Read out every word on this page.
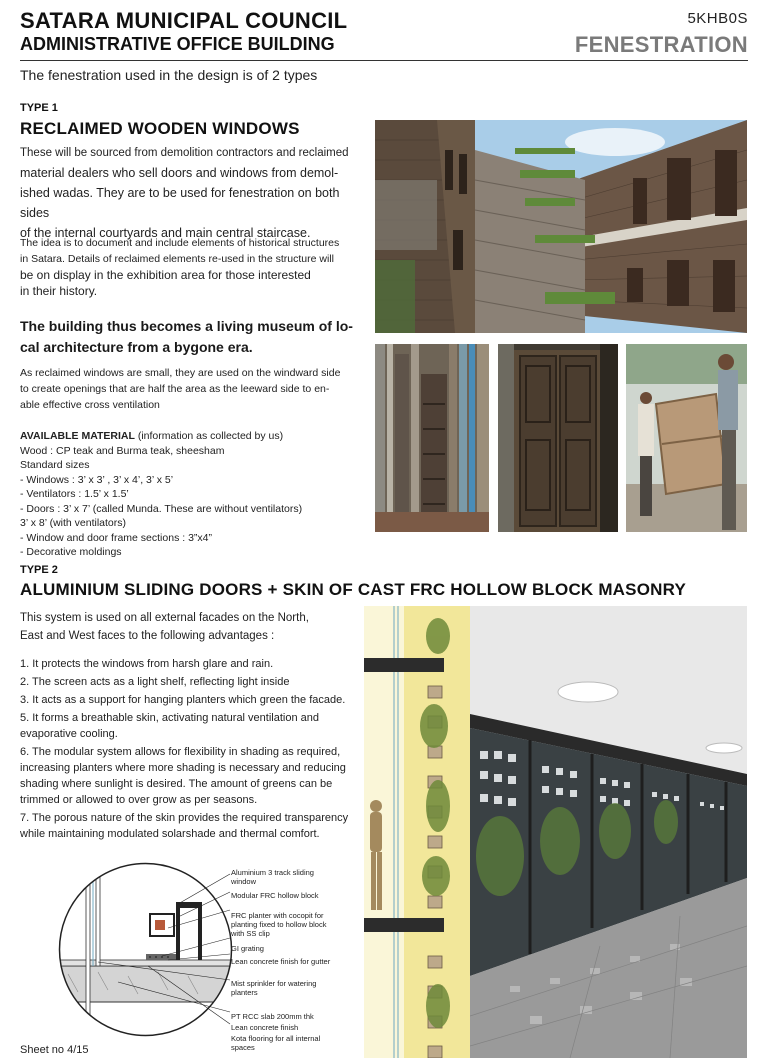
SATARA MUNICIPAL COUNCIL
ADMINISTRATIVE OFFICE BUILDING
5KHB0S
FENESTRATION
The fenestration used in the design is of 2 types
TYPE 1
RECLAIMED WOODEN WINDOWS
These will be sourced from demolition contractors and reclaimed
material dealers who sell doors and windows from demol-
ished wadas. They are to be used for fenestration on both sides
of the internal courtyards and main central staircase.
The idea is to document and include elements of historical structures
in Satara. Details of reclaimed elements re-used in the structure will
be on display in the exhibition area for those interested
in their history.
The building thus becomes a living museum of lo-
cal architecture from a bygone era.
As reclaimed windows are small, they are used on the windward side
to create openings that are half the area as the leeward side to en-
able effective cross ventilation
AVAILABLE MATERIAL (information as collected by us)
Wood : CP teak and Burma teak, sheesham
Standard sizes
- Windows : 3’ x 3’ , 3’ x 4’, 3’ x 5’
- Ventilators : 1.5’ x 1.5’
- Doors : 3’ x 7’ (called Munda. These are without ventilators)
3’ x 8’ (with ventilators)
- Window and door frame sections : 3”x4”
- Decorative moldings
TYPE 2
ALUMINIUM SLIDING DOORS + SKIN OF CAST FRC HOLLOW BLOCK MASONRY
This system is used on all external facades on the North,
East and West faces to the following advantages :

1. It protects the windows from harsh glare and rain.

2. The screen acts as a light shelf, reflecting light inside

3. It acts as a support for hanging planters which green the facade.

5. It forms a breathable skin, activating natural ventilation and evaporative cooling.

6. The modular system allows for flexibility in shading as required, increasing planters where more shading is necessary and reducing shading where sunlight is desired. The amount of greens can be trimmed or allowed to over grow as per seasons.

7. The porous nature of the skin provides the required transparency while maintaining modulated solarshade and thermal comfort.

Aluminium 3 track sliding window
Modular FRC hollow block
FRC planter with cocopit for planting fixed to hollow block with SS clip
GI grating
Lean concrete finish for gutter
Mist sprinkler for watering planters
PT RCC slab 200mm thk
Lean concrete finish
Kota flooring for all internal spaces
Sheet no 4/15
